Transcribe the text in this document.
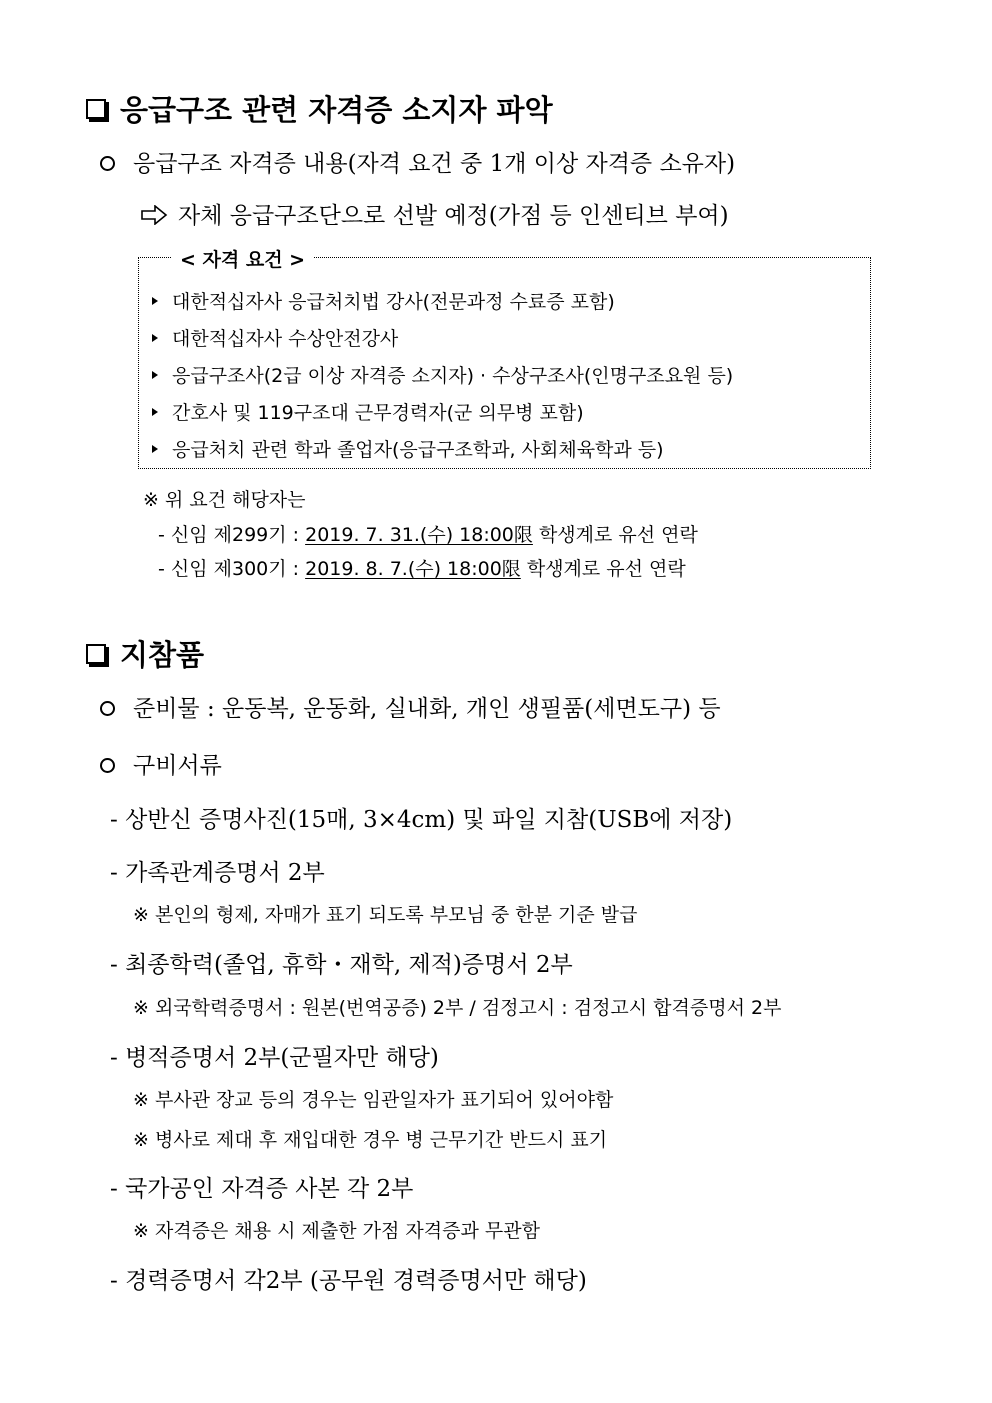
응급구조 관련 자격증 소지자 파악
응급구조 자격증 내용(자격 요건 중 1개 이상 자격증 소유자)
자체 응급구조단으로 선발 예정(가점 등 인센티브 부여)
< 자격 요건 >
대한적십자사 응급처치법 강사(전문과정 수료증 포함)
대한적십자사 수상안전강사
응급구조사(2급 이상 자격증 소지자) · 수상구조사(인명구조요원 등)
간호사 및 119구조대 근무경력자(군 의무병 포함)
응급처치 관련 학과 졸업자(응급구조학과, 사회체육학과 등)
※ 위 요건 해당자는
- 신임 제299기 : 2019. 7. 31.(수) 18:00限 학생계로 유선 연락
- 신임 제300기 : 2019. 8. 7.(수) 18:00限 학생계로 유선 연락
지참품
준비물 : 운동복, 운동화, 실내화, 개인 생필품(세면도구) 등
구비서류
- 상반신 증명사진(15매, 3×4cm) 및 파일 지참(USB에 저장)
- 가족관계증명서 2부
※ 본인의 형제, 자매가 표기 되도록 부모님 중 한분 기준 발급
- 최종학력(졸업, 휴학・재학, 제적)증명서 2부
※ 외국학력증명서 : 원본(번역공증) 2부 / 검정고시 : 검정고시 합격증명서 2부
- 병적증명서 2부(군필자만 해당)
※ 부사관 장교 등의 경우는 임관일자가 표기되어 있어야함
※ 병사로 제대 후 재입대한 경우 병 근무기간 반드시 표기
- 국가공인 자격증 사본 각 2부
※ 자격증은 채용 시 제출한 가점 자격증과 무관함
- 경력증명서 각2부 (공무원 경력증명서만 해당)
